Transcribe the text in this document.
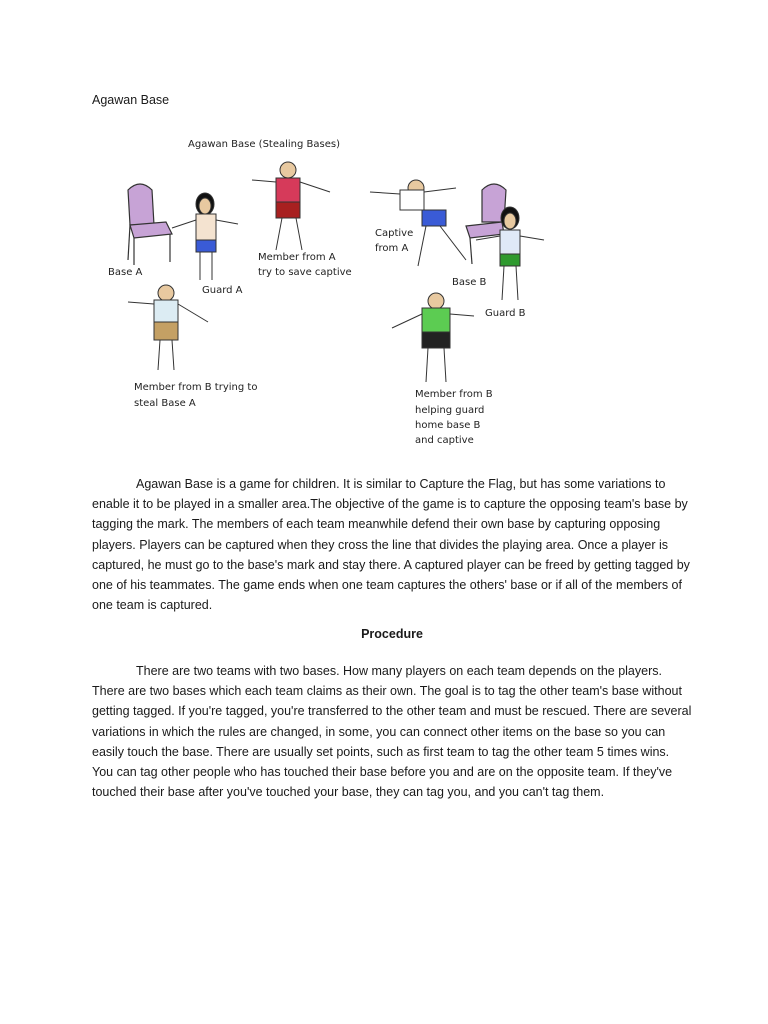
Agawan Base
Agawan Base (Stealing Bases)
Base A
Guard A
Member from A
try to save captive
Captive
from A
Base B
Guard B
Member from B trying to
steal Base A
Member from B
helping guard
home base B
and captive

Agawan Base is a game for children. It is similar to Capture the Flag, but has some variations to enable it to be played in a smaller area.The objective of the game is to capture the opposing team's base by tagging the mark. The members of each team meanwhile defend their own base by capturing opposing players. Players can be captured when they cross the line that divides the playing area. Once a player is captured, he must go to the base's mark and stay there. A captured player can be freed by getting tagged by one of his teammates. The game ends when one team captures the others' base or if all of the members of one team is captured.

Procedure

There are two teams with two bases. How many players on each team depends on the players. There are two bases which each team claims as their own. The goal is to tag the other team's base without getting tagged. If you're tagged, you're transferred to the other team and must be rescued. There are several variations in which the rules are changed, in some, you can connect other items on the base so you can easily touch the base. There are usually set points, such as first team to tag the other team 5 times wins. You can tag other people who has touched their base before you and are on the opposite team. If they've touched their base after you've touched your base, they can tag you, and you can't tag them.
